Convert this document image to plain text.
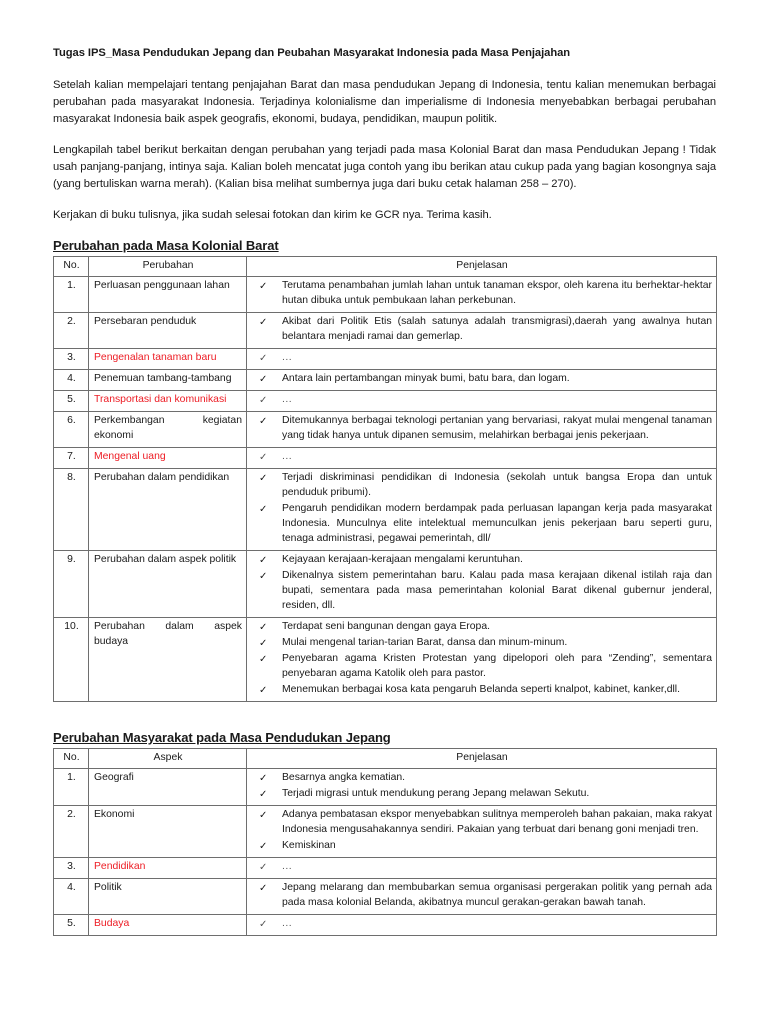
Tugas IPS_Masa Pendudukan Jepang dan Peubahan Masyarakat Indonesia pada Masa Penjajahan

Setelah kalian mempelajari tentang penjajahan Barat dan masa pendudukan Jepang di Indonesia, tentu kalian menemukan berbagai perubahan pada masyarakat Indonesia. Terjadinya kolonialisme dan imperialisme di Indonesia menyebabkan berbagai perubahan masyarakat Indonesia baik aspek geografis, ekonomi, budaya, pendidikan, maupun politik.

Lengkapilah tabel berikut berkaitan dengan perubahan yang terjadi pada masa Kolonial Barat dan masa Pendudukan Jepang ! Tidak usah panjang-panjang, intinya saja. Kalian boleh mencatat juga contoh yang ibu berikan atau cukup pada yang bagian kosongnya saja (yang bertuliskan warna merah). (Kalian bisa melihat sumbernya juga dari buku cetak halaman 258 – 270).

Kerjakan di buku tulisnya, jika sudah selesai fotokan dan kirim ke GCR nya. Terima kasih.

Perubahan pada Masa Kolonial Barat
No.	Perubahan	Penjelasan
1.	Perluasan penggunaan lahan	✓ Terutama penambahan jumlah lahan untuk tanaman ekspor, oleh karena itu berhektar-hektar hutan dibuka untuk pembukaan lahan perkebunan.

2.	Persebaran penduduk	✓ Akibat dari Politik Etis (salah satunya adalah transmigrasi),daerah yang awalnya hutan belantara menjadi ramai dan gemerlap.

3.	Pengenalan tanaman baru	✓ ...

4.	Penemuan tambang-tambang	✓ Antara lain pertambangan minyak bumi, batu bara, dan logam.

5.	Transportasi dan komunikasi	✓ ...

6.	Perkembangan kegiatan ekonomi	
✓ Ditemukannya berbagai teknologi pertanian yang bervariasi, rakyat mulai mengenal tanaman yang tidak hanya untuk dipanen semusim, melahirkan berbagai jenis pekerjaan.

7.	Mengenal uang	✓ ...

8.	Perubahan dalam pendidikan	✓ Terjadi diskriminasi pendidikan di Indonesia (sekolah untuk bangsa Eropa dan untuk penduduk pribumi).
✓ Pengaruh pendidikan modern berdampak pada perluasan lapangan kerja pada masyarakat Indonesia. Munculnya elite intelektual memunculkan jenis pekerjaan baru seperti guru, tenaga administrasi, pegawai pemerintah, dll/

9.	Perubahan dalam aspek politik	✓ Kejayaan kerajaan-kerajaan mengalami keruntuhan.
✓ Dikenalnya sistem pemerintahan baru. Kalau pada masa kerajaan dikenal istilah raja dan bupati, sementara pada masa pemerintahan kolonial Barat dikenal gubernur jenderal, residen, dll.

10.	Perubahan dalam aspek budaya	
✓ Terdapat seni bangunan dengan gaya Eropa.
✓ Mulai mengenal tarian-tarian Barat, dansa dan minum-minum.
✓ Penyebaran agama Kristen Protestan yang dipelopori oleh para “Zending”, sementara penyebaran agama Katolik oleh para pastor.
✓ Menemukan berbagai kosa kata pengaruh Belanda seperti knalpot, kabinet, kanker,dll.
Perubahan Masyarakat pada Masa Pendudukan Jepang
No.	Aspek	Penjelasan
1.	Geografi	✓ Besarnya angka kematian.
✓ Terjadi migrasi untuk mendukung perang Jepang melawan Sekutu.

2.	Ekonomi	✓ Adanya pembatasan ekspor menyebabkan sulitnya memperoleh bahan pakaian, maka rakyat Indonesia mengusahakannya sendiri. Pakaian yang terbuat dari benang goni menjadi tren.
✓ Kemiskinan

3.	Pendidikan	✓ ...

4.	Politik	✓ Jepang melarang dan membubarkan semua organisasi pergerakan politik yang pernah ada pada masa kolonial Belanda, akibatnya muncul gerakan-gerakan bawah tanah.

5.	Budaya	✓ ...
